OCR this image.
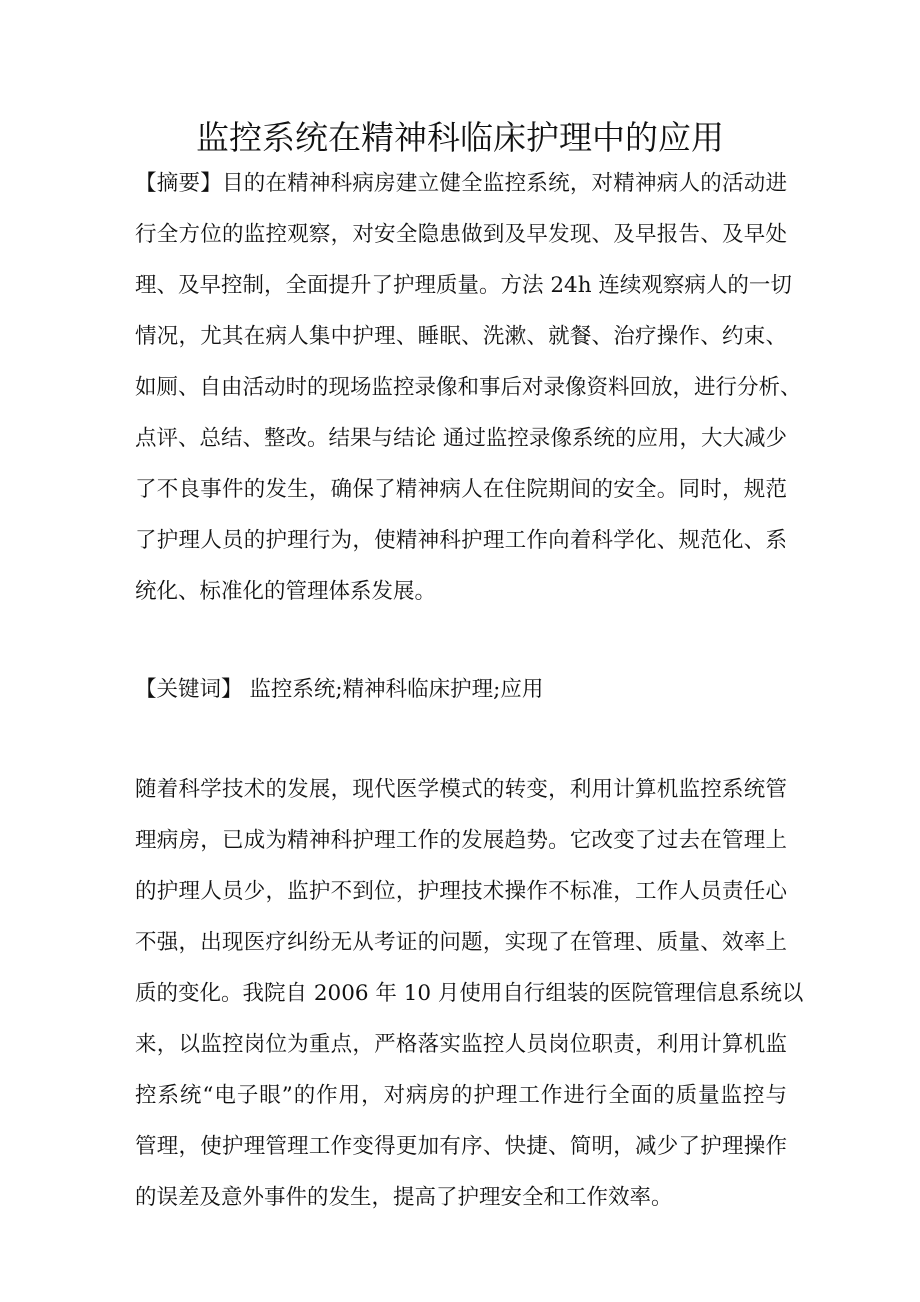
监控系统在精神科临床护理中的应用
【摘要】目的在精神科病房建立健全监控系统，对精神病人的活动进
行全方位的监控观察，对安全隐患做到及早发现、及早报告、及早处
理、及早控制，全面提升了护理质量。方法 24h 连续观察病人的一切
情况，尤其在病人集中护理、睡眠、洗漱、就餐、治疗操作、约束、
如厕、自由活动时的现场监控录像和事后对录像资料回放，进行分析、
点评、总结、整改。结果与结论 通过监控录像系统的应用，大大减少
了不良事件的发生，确保了精神病人在住院期间的安全。同时，规范
了护理人员的护理行为，使精神科护理工作向着科学化、规范化、系
统化、标准化的管理体系发展。
【关键词】 监控系统;精神科临床护理;应用
随着科学技术的发展，现代医学模式的转变，利用计算机监控系统管
理病房，已成为精神科护理工作的发展趋势。它改变了过去在管理上
的护理人员少，监护不到位，护理技术操作不标准，工作人员责任心
不强，出现医疗纠纷无从考证的问题，实现了在管理、质量、效率上
质的变化。我院自 2006 年 10 月使用自行组装的医院管理信息系统以
来，以监控岗位为重点，严格落实监控人员岗位职责，利用计算机监
控系统“电子眼”的作用，对病房的护理工作进行全面的质量监控与
管理，使护理管理工作变得更加有序、快捷、简明，减少了护理操作
的误差及意外事件的发生，提高了护理安全和工作效率。
